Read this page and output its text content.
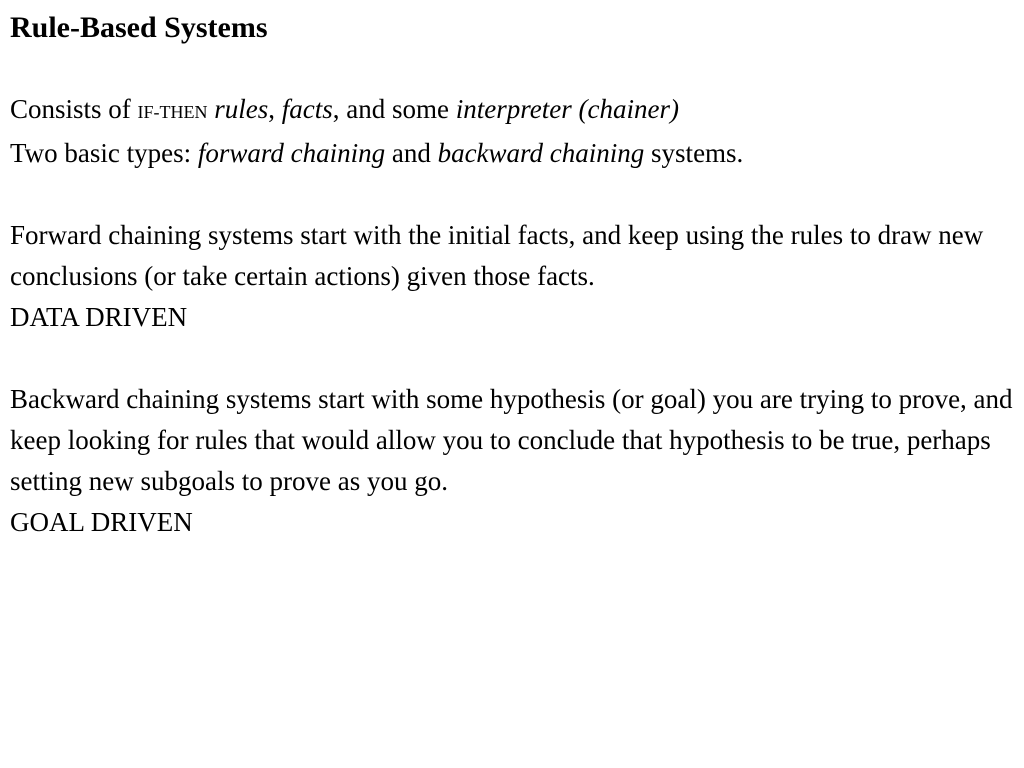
Rule-Based Systems
Consists of IF-THEN rules, facts, and some interpreter (chainer)
Two basic types: forward chaining and backward chaining systems.
Forward chaining systems start with the initial facts, and keep using the rules to draw new conclusions (or take certain actions) given those facts.
DATA DRIVEN
Backward chaining systems start with some hypothesis (or goal) you are trying to prove, and keep looking for rules that would allow you to conclude that hypothesis to be true, perhaps setting new subgoals to prove as you go.
GOAL DRIVEN
